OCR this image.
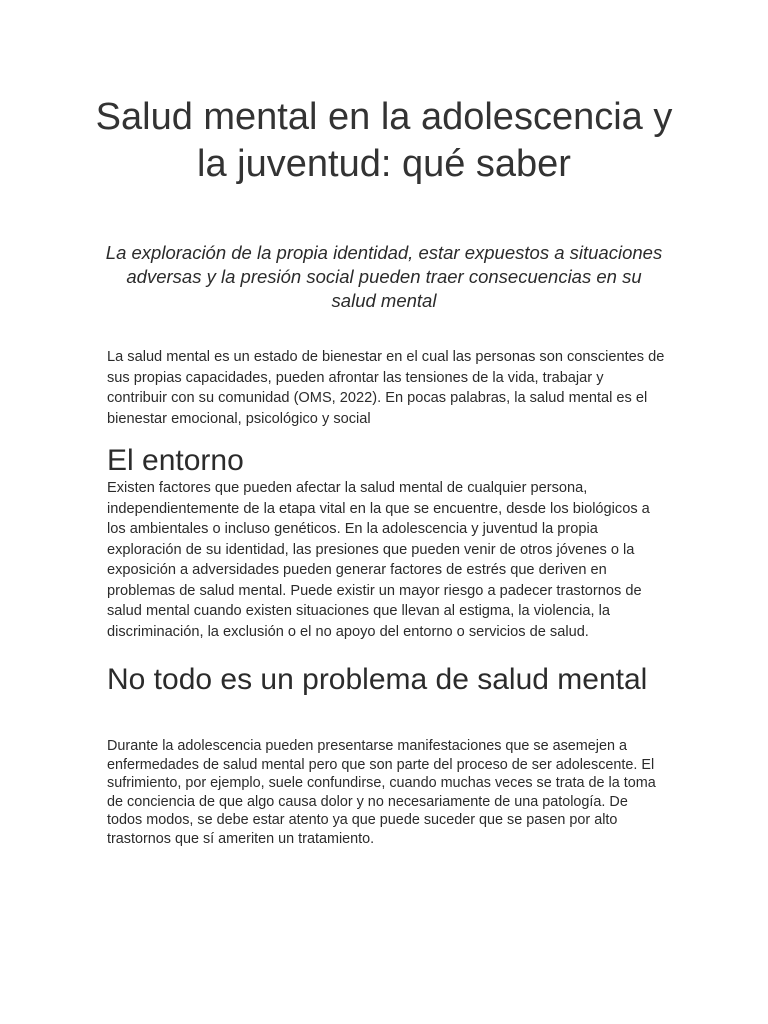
Salud mental en la adolescencia y la juventud: qué saber

La exploración de la propia identidad, estar expuestos a situaciones adversas y la presión social pueden traer consecuencias en su salud mental

La salud mental es un estado de bienestar en el cual las personas son conscientes de sus propias capacidades, pueden afrontar las tensiones de la vida, trabajar y contribuir con su comunidad (OMS, 2022). En pocas palabras, la salud mental es el bienestar emocional, psicológico y social

El entorno

Existen factores que pueden afectar la salud mental de cualquier persona, independientemente de la etapa vital en la que se encuentre, desde los biológicos a los ambientales o incluso genéticos. En la adolescencia y juventud la propia exploración de su identidad, las presiones que pueden venir de otros jóvenes o la exposición a adversidades pueden generar factores de estrés que deriven en problemas de salud mental. Puede existir un mayor riesgo a padecer trastornos de salud mental cuando existen situaciones que llevan al estigma, la violencia, la discriminación, la exclusión o el no apoyo del entorno o servicios de salud.

No todo es un problema de salud mental

Durante la adolescencia pueden presentarse manifestaciones que se asemejen a enfermedades de salud mental pero que son parte del proceso de ser adolescente. El sufrimiento, por ejemplo, suele confundirse, cuando muchas veces se trata de la toma de conciencia de que algo causa dolor y no necesariamente de una patología. De todos modos, se debe estar atento ya que puede suceder que se pasen por alto trastornos que sí ameriten un tratamiento.
